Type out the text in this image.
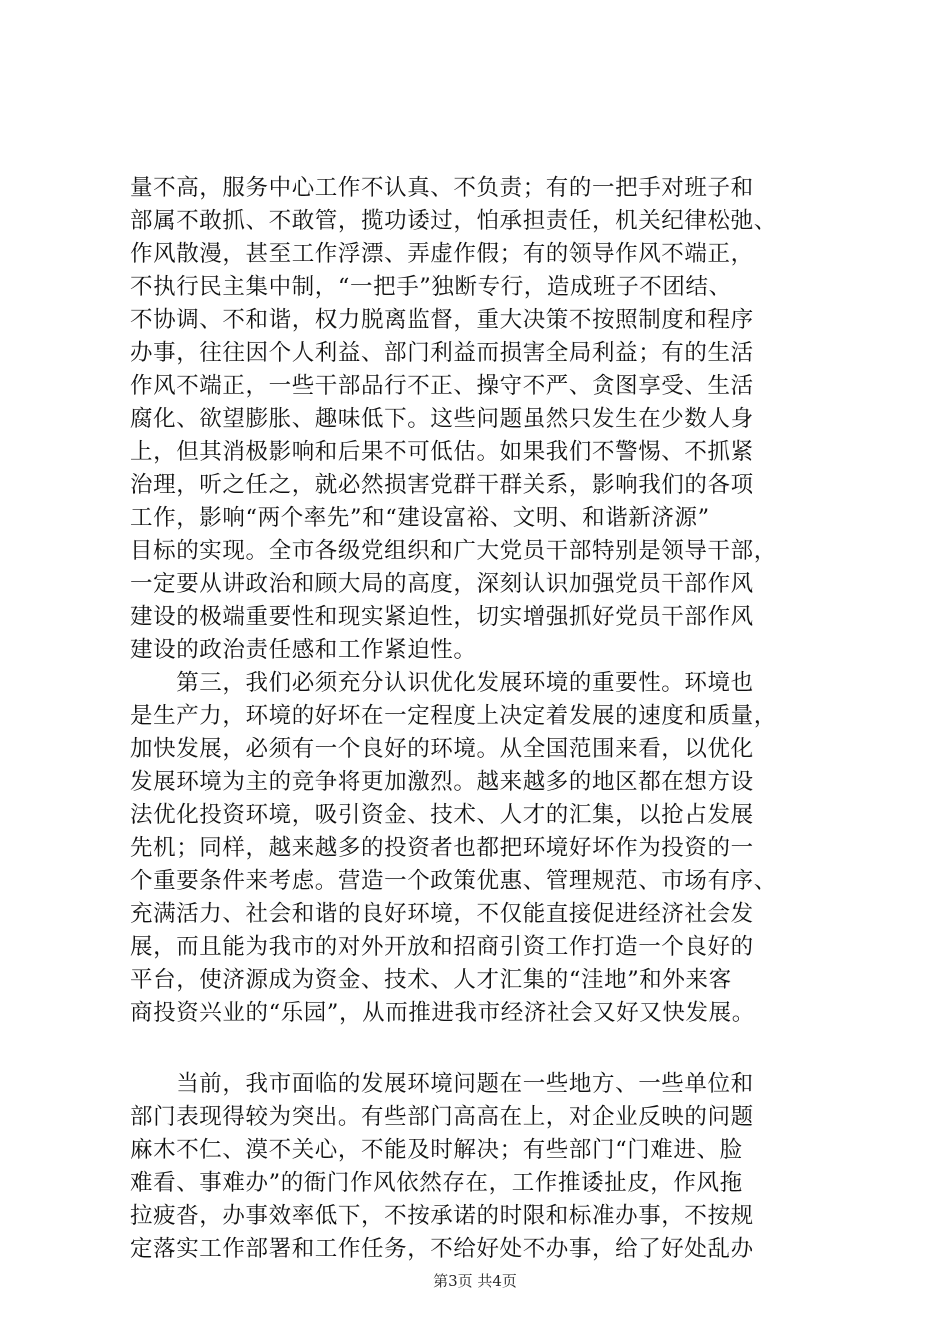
量不高，服务中心工作不认真、不负责；有的一把手对班子和
部属不敢抓、不敢管，揽功诿过，怕承担责任，机关纪律松弛、
作风散漫，甚至工作浮漂、弄虚作假；有的领导作风不端正，
不执行民主集中制，“一把手”独断专行，造成班子不团结、
不协调、不和谐，权力脱离监督，重大决策不按照制度和程序
办事，往往因个人利益、部门利益而损害全局利益；有的生活
作风不端正，一些干部品行不正、操守不严、贪图享受、生活
腐化、欲望膨胀、趣味低下。这些问题虽然只发生在少数人身
上，但其消极影响和后果不可低估。如果我们不警惕、不抓紧
治理，听之任之，就必然损害党群干群关系，影响我们的各项
工作，影响“两个率先”和“建设富裕、文明、和谐新济源”
目标的实现。全市各级党组织和广大党员干部特别是领导干部，
一定要从讲政治和顾大局的高度，深刻认识加强党员干部作风
建设的极端重要性和现实紧迫性，切实增强抓好党员干部作风
建设的政治责任感和工作紧迫性。
　　第三，我们必须充分认识优化发展环境的重要性。环境也
是生产力，环境的好坏在一定程度上决定着发展的速度和质量，
加快发展，必须有一个良好的环境。从全国范围来看，以优化
发展环境为主的竞争将更加激烈。越来越多的地区都在想方设
法优化投资环境，吸引资金、技术、人才的汇集，以抢占发展
先机；同样，越来越多的投资者也都把环境好坏作为投资的一
个重要条件来考虑。营造一个政策优惠、管理规范、市场有序、
充满活力、社会和谐的良好环境，不仅能直接促进经济社会发
展，而且能为我市的对外开放和招商引资工作打造一个良好的
平台，使济源成为资金、技术、人才汇集的“洼地”和外来客
商投资兴业的“乐园”，从而推进我市经济社会又好又快发展。
　　当前，我市面临的发展环境问题在一些地方、一些单位和
部门表现得较为突出。有些部门高高在上，对企业反映的问题
麻木不仁、漠不关心，不能及时解决；有些部门“门难进、脸
难看、事难办”的衙门作风依然存在，工作推诿扯皮，作风拖
拉疲沓，办事效率低下，不按承诺的时限和标准办事，不按规
定落实工作部署和工作任务，不给好处不办事，给了好处乱办
第3页 共4页
